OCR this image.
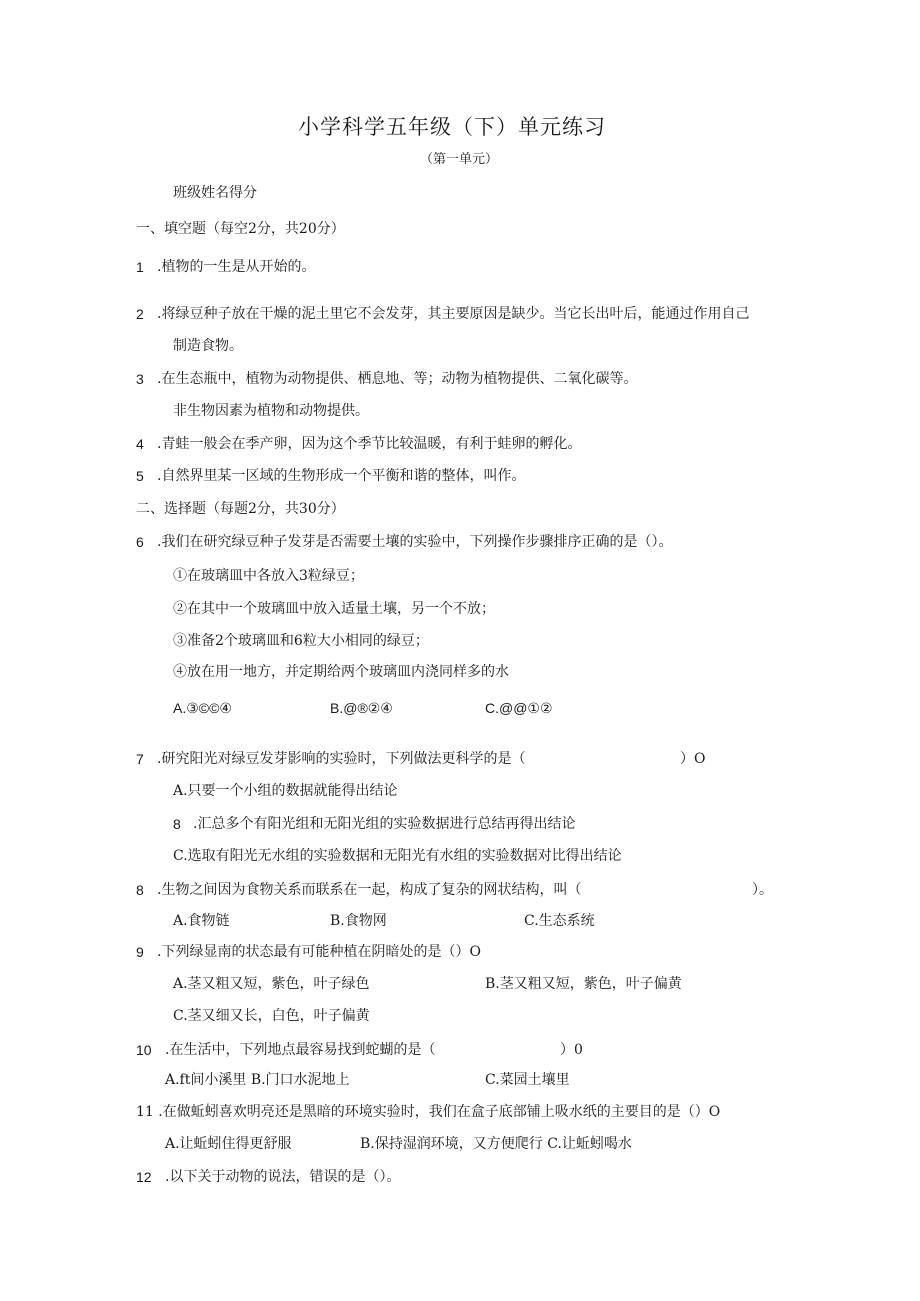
小学科学五年级（下）单元练习
（第一单元）
班级姓名得分
一、填空题（每空2分，共20分）
1 .植物的一生是从开始的。
2 .将绿豆种子放在干燥的泥土里它不会发芽，其主要原因是缺少。当它长出叶后，能通过作用自己
制造食物。
3 .在生态瓶中，植物为动物提供、栖息地、等；动物为植物提供、二氧化碳等。
非生物因素为植物和动物提供。
4 .青蛙一般会在季产卵，因为这个季节比较温暖，有利于蛙卵的孵化。
5 .自然界里某一区域的生物形成一个平衡和谐的整体，叫作。
二、选择题（每题2分，共30分）
6 .我们在研究绿豆种子发芽是否需要土壤的实验中，下列操作步骤排序正确的是（）。
①在玻璃皿中各放入3粒绿豆；
②在其中一个玻璃皿中放入适量土壤，另一个不放；
③准备2个玻璃皿和6粒大小相同的绿豆；
④放在用一地方，并定期给两个玻璃皿内浇同样多的水
A.③©©④	B.@®②④	C.@@①②
7 .研究阳光对绿豆发芽影响的实验时，下列做法更科学的是（	）O
A.只要一个小组的数据就能得出结论
8 .汇总多个有阳光组和无阳光组的实验数据进行总结再得出结论
C.选取有阳光无水组的实验数据和无阳光有水组的实验数据对比得出结论
8 .生物之间因为食物关系而联系在一起，构成了复杂的网状结构，叫（	）。
A.食物链	B.食物网	C.生态系统
9 .下列绿显南的状态最有可能种植在阴暗处的是（）O
A.茎又粗又短，紫色，叶子绿色	B.茎又粗又短，紫色，叶子偏黄
C.茎又细又长，白色，叶子偏黄
10 .在生活中，下列地点最容易找到蛇蝴的是（	）0
A.ft间小溪里 B.门口水泥地上	C.菜园土壤里
11 .在做蚯蚓喜欢明亮还是黑暗的环境实验时，我们在盒子底部铺上吸水纸的主要目的是（）O
A.让蚯蚓住得更舒服	B.保持湿润环境，又方便爬行 C.让蚯蚓喝水
12 .以下关于动物的说法，错误的是（）。
